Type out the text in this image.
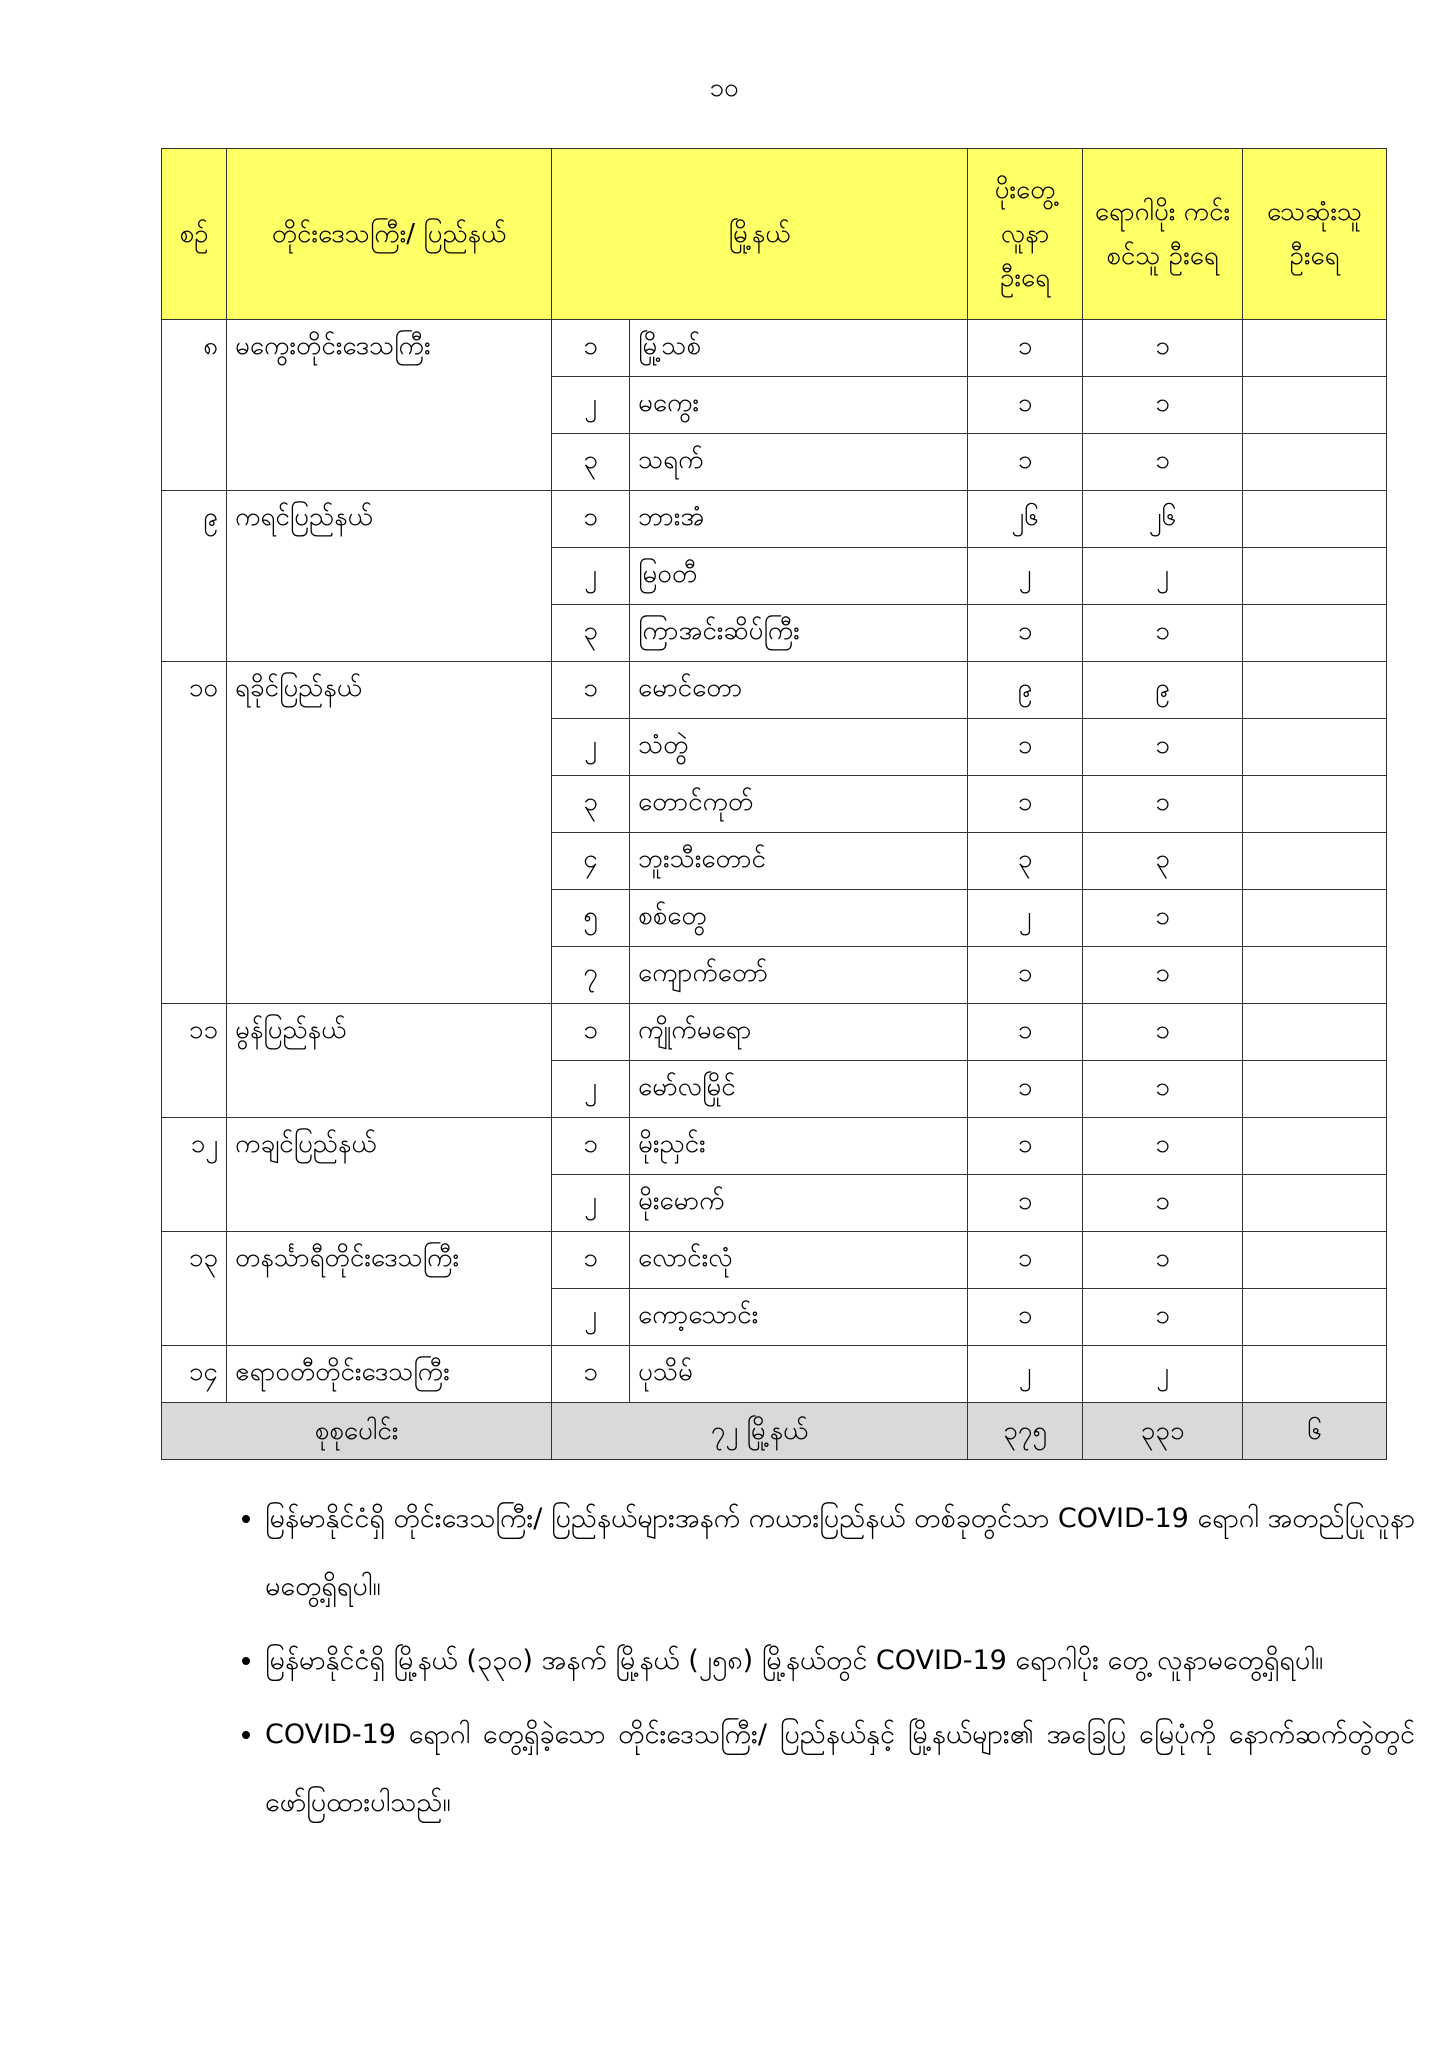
၁၀
စဉ်	တိုင်းဒေသကြီး/ ပြည်နယ်	မြို့နယ်		ပိုးတွေ့ လူနာ ဦးရေ	ရောဂါပိုး ကင်းစင်သူ ဦးရေ	သေဆုံးသူ ဦးရေ
၈	မကွေးတိုင်းဒေသကြီး	၁	မြို့သစ်	၁	၁	
		၂	မကွေး	၁	၁	
		၃	သရက်	၁	၁	
၉	ကရင်ပြည်နယ်	၁	ဘားအံ	၂၆	၂၆	
		၂	မြဝတီ	၂	၂	
		၃	ကြာအင်းဆိပ်ကြီး	၁	၁	
၁၀	ရခိုင်ပြည်နယ်	၁	မောင်တော	၉	၉	
		၂	သံတွဲ	၁	၁	
		၃	တောင်ကုတ်	၁	၁	
		၄	ဘူးသီးတောင်	၃	၃	
		၅	စစ်တွေ	၂	၁	
		၇	ကျောက်တော်	၁	၁	
၁၁	မွန်ပြည်နယ်	၁	ကျိုက်မရော	၁	၁	
		၂	မော်လမြိုင်	၁	၁	
၁၂	ကချင်ပြည်နယ်	၁	မိုးညှင်း	၁	၁	
		၂	မိုးမောက်	၁	၁	
၁၃	တနင်္သာရီတိုင်းဒေသကြီး	၁	လောင်းလုံ	၁	၁	
		၂	ကော့သောင်း	၁	၁	
၁၄	ဧရာဝတီတိုင်းဒေသကြီး	၁	ပုသိမ်	၂	၂	
စုစုပေါင်း		၇၂ မြို့နယ်		၃၇၅	၃၃၁	၆
• မြန်မာနိုင်ငံရှိ တိုင်းဒေသကြီး/ ပြည်နယ်များအနက် ကယားပြည်နယ် တစ်ခုတွင်သာ COVID-19 ရောဂါ အတည်ပြုလူနာ မတွေ့ရှိရပါ။
• မြန်မာနိုင်ငံရှိ မြို့နယ် (၃၃၀) အနက် မြို့နယ် (၂၅၈) မြို့နယ်တွင် COVID-19 ရောဂါပိုး တွေ့ လူနာမတွေ့ရှိရပါ။
• COVID-19 ရောဂါ တွေ့ရှိခဲ့သော တိုင်းဒေသကြီး/ ပြည်နယ်နှင့် မြို့နယ်များ၏ အခြေပြ မြေပုံကို နောက်ဆက်တွဲတွင် ဖော်ပြထားပါသည်။
